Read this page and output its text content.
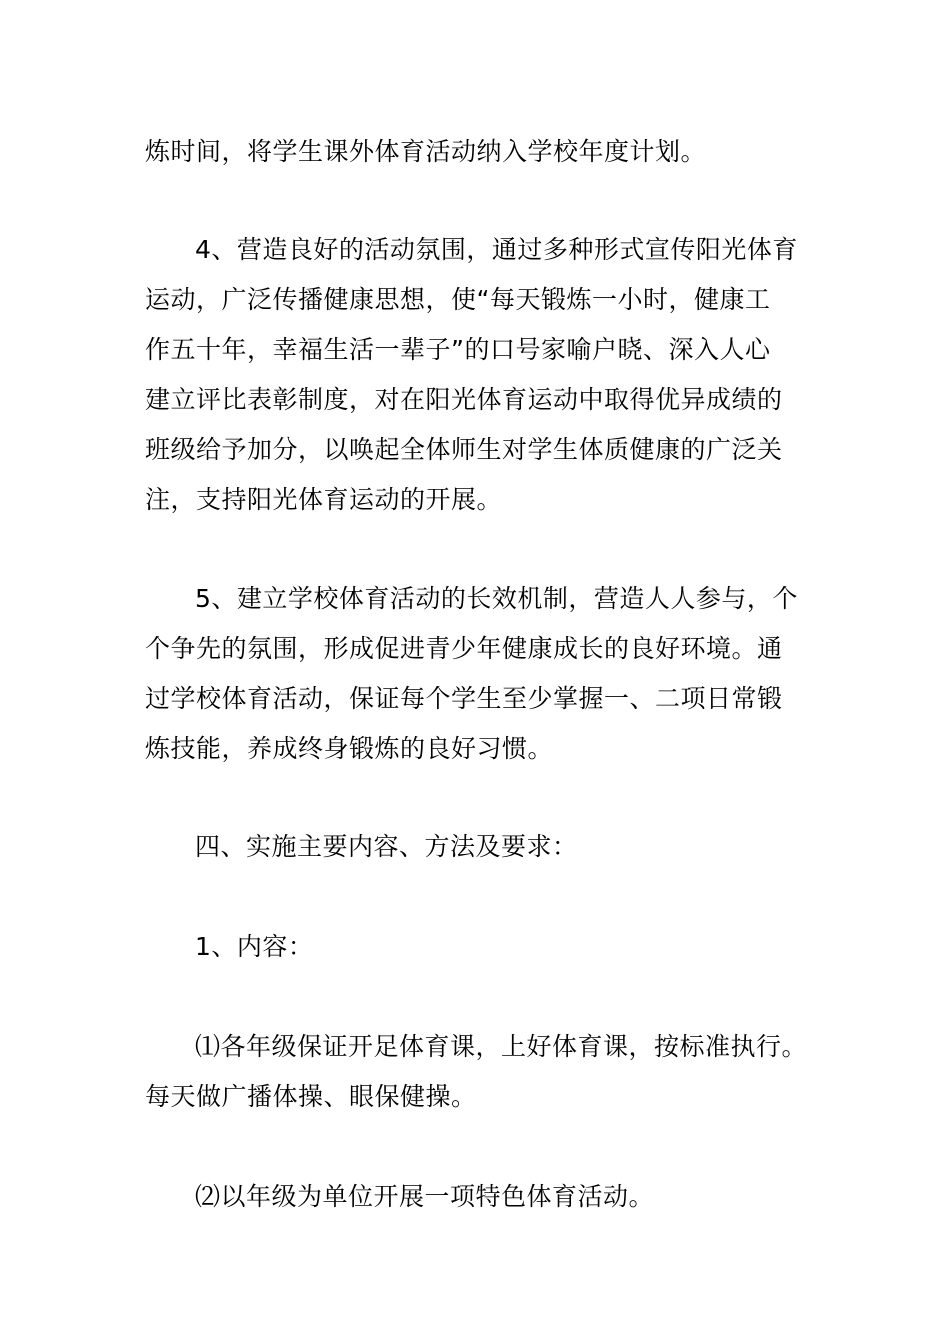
炼时间，将学生课外体育活动纳入学校年度计划。
4、营造良好的活动氛围，通过多种形式宣传阳光体育
运动，广泛传播健康思想，使“每天锻炼一小时，健康工
作五十年，幸福生活一辈子”的口号家喻户晓、深入人心
建立评比表彰制度，对在阳光体育运动中取得优异成绩的
班级给予加分，以唤起全体师生对学生体质健康的广泛关
注，支持阳光体育运动的开展。
5、建立学校体育活动的长效机制，营造人人参与，个
个争先的氛围，形成促进青少年健康成长的良好环境。通
过学校体育活动，保证每个学生至少掌握一、二项日常锻
炼技能，养成终身锻炼的良好习惯。
四、实施主要内容、方法及要求：
1、内容：
⑴各年级保证开足体育课，上好体育课，按标准执行。
每天做广播体操、眼保健操。
⑵以年级为单位开展一项特色体育活动。
